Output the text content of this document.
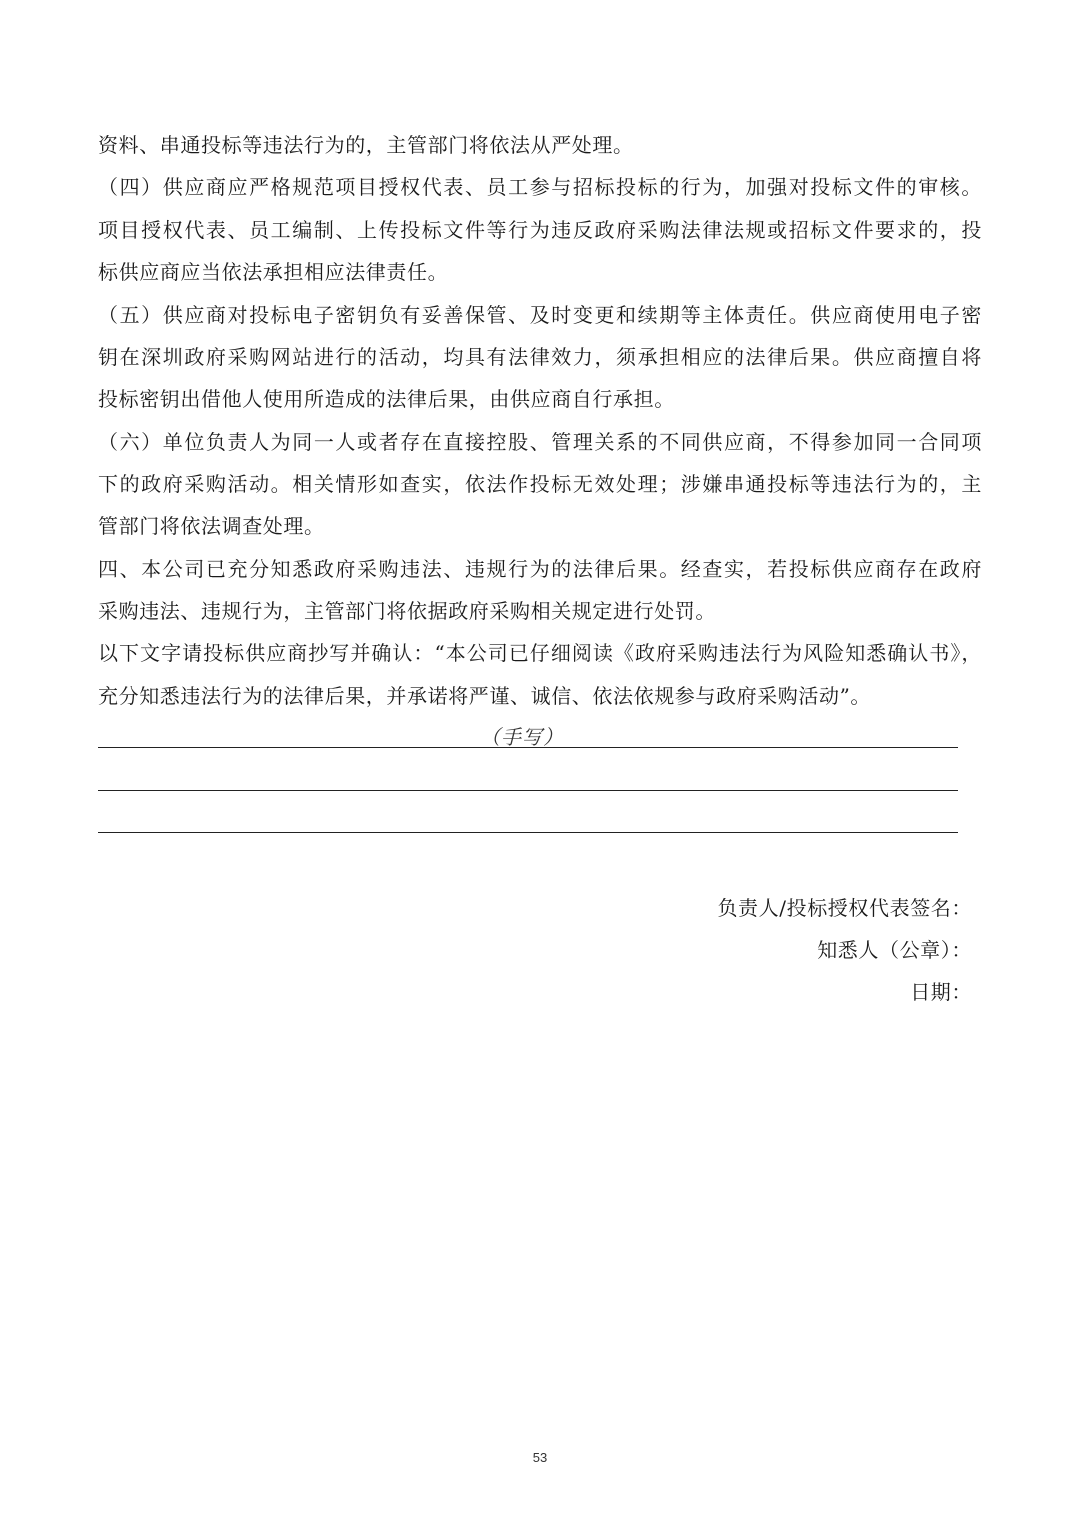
资料、串通投标等违法行为的，主管部门将依法从严处理。
（四）供应商应严格规范项目授权代表、员工参与招标投标的行为，加强对投标文件的审核。
项目授权代表、员工编制、上传投标文件等行为违反政府采购法律法规或招标文件要求的，投
标供应商应当依法承担相应法律责任。
（五）供应商对投标电子密钥负有妥善保管、及时变更和续期等主体责任。供应商使用电子密
钥在深圳政府采购网站进行的活动，均具有法律效力，须承担相应的法律后果。供应商擅自将
投标密钥出借他人使用所造成的法律后果，由供应商自行承担。
（六）单位负责人为同一人或者存在直接控股、管理关系的不同供应商，不得参加同一合同项
下的政府采购活动。相关情形如查实，依法作投标无效处理；涉嫌串通投标等违法行为的，主
管部门将依法调查处理。
四、本公司已充分知悉政府采购违法、违规行为的法律后果。经查实，若投标供应商存在政府
采购违法、违规行为，主管部门将依据政府采购相关规定进行处罚。
以下文字请投标供应商抄写并确认：“本公司已仔细阅读《政府采购违法行为风险知悉确认书》，
充分知悉违法行为的法律后果，并承诺将严谨、诚信、依法依规参与政府采购活动”。
（手写）
负责人/投标授权代表签名：
知悉人（公章）：
日期：
53
